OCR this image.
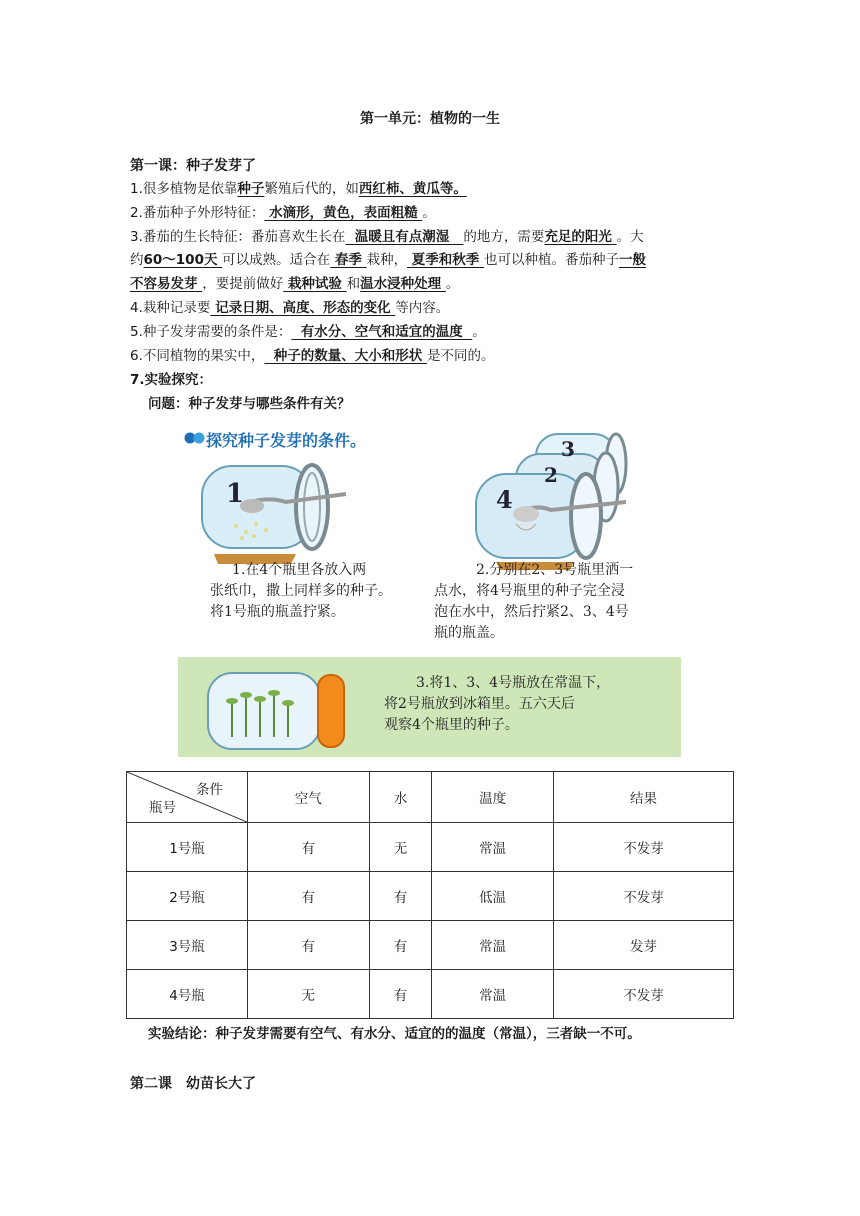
第一单元：植物的一生
第一课：种子发芽了
1.很多植物是依靠种子繁殖后代的，如西红柿、黄瓜等。
2.番茄种子外形特征： 水滴形，黄色，表面粗糙 。
3.番茄的生长特征：番茄喜欢生长在  温暖且有点潮湿   的地方，需要充足的阳光 。大
约60～100天 可以成熟。适合在 春季 栽种， 夏季和秋季 也可以种植。番茄种子一般
不容易发芽 ，要提前做好 栽种试验 和温水浸种处理 。
4.栽种记录要 记录日期、高度、形态的变化 等内容。
5.种子发芽需要的条件是：  有水分、空气和适宜的温度  。
6.不同植物的果实中，  种子的数量、大小和形状 是不同的。
7.实验探究：
问题：种子发芽与哪些条件有关？
探究种子发芽的条件。
1
3
2
4
1.在4个瓶里各放入两
张纸巾，撒上同样多的种子。
将1号瓶的瓶盖拧紧。
2.分别在2、3号瓶里洒一
点水，将4号瓶里的种子完全浸
泡在水中，然后拧紧2、3、4号
瓶的瓶盖。
3.将1、3、4号瓶放在常温下，
将2号瓶放到冰箱里。五六天后
观察4个瓶里的种子。
条件
瓶号	空气	水	温度	结果
1号瓶	有	无	常温	不发芽
2号瓶	有	有	低温	不发芽
3号瓶	有	有	常温	发芽
4号瓶	无	有	常温	不发芽
实验结论：种子发芽需要有空气、有水分、适宜的的温度（常温），三者缺一不可。
第二课　幼苗长大了
